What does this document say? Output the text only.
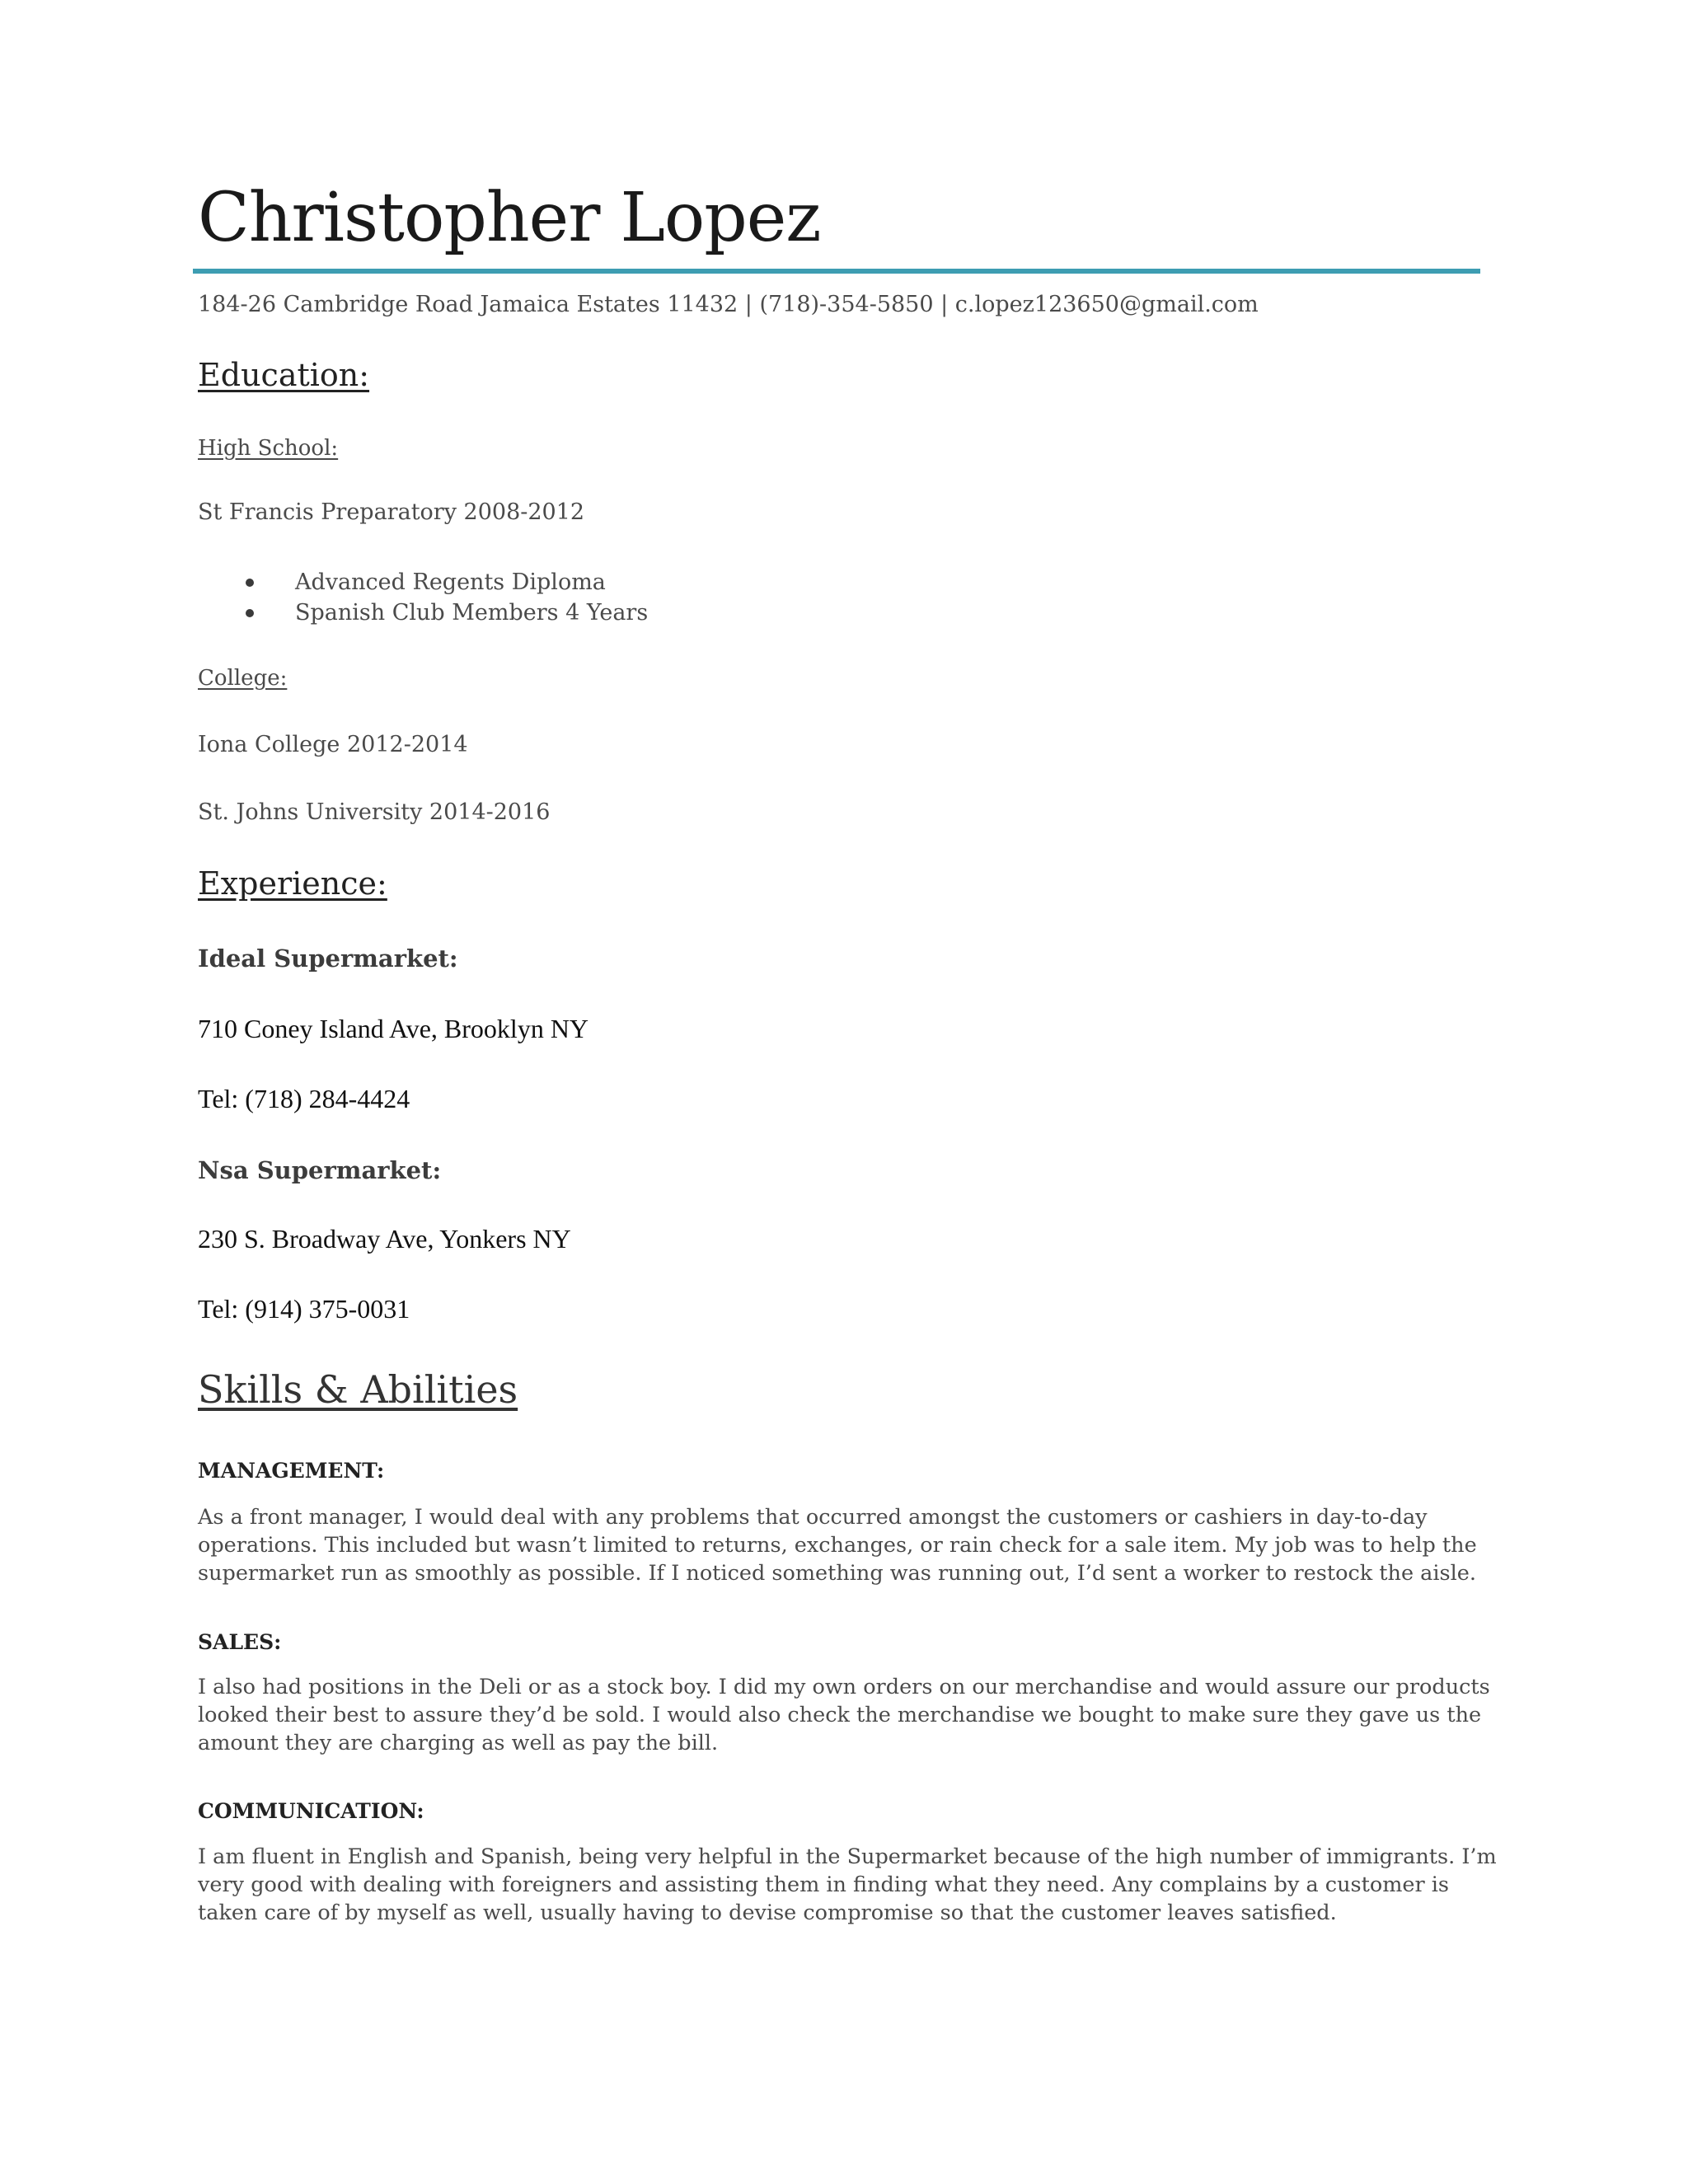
Christopher Lopez
184-26 Cambridge Road Jamaica Estates 11432 | (718)-354-5850 | c.lopez123650@gmail.com
Education:
High School:
St Francis Preparatory 2008-2012
Advanced Regents Diploma
Spanish Club Members 4 Years
College:
Iona College 2012-2014
St. Johns University 2014-2016
Experience:
Ideal Supermarket:
710 Coney Island Ave, Brooklyn NY
Tel: (718) 284-4424
Nsa Supermarket:
230 S. Broadway Ave, Yonkers NY
Tel: (914) 375-0031
Skills & Abilities
MANAGEMENT:
As a front manager, I would deal with any problems that occurred amongst the customers or cashiers in day-to-day
operations. This included but wasn’t limited to returns, exchanges, or rain check for a sale item. My job was to help the
supermarket run as smoothly as possible. If I noticed something was running out, I’d sent a worker to restock the aisle.
SALES:
I also had positions in the Deli or as a stock boy. I did my own orders on our merchandise and would assure our products
looked their best to assure they’d be sold. I would also check the merchandise we bought to make sure they gave us the
amount they are charging as well as pay the bill.
COMMUNICATION:
I am fluent in English and Spanish, being very helpful in the Supermarket because of the high number of immigrants. I’m
very good with dealing with foreigners and assisting them in finding what they need. Any complains by a customer is
taken care of by myself as well, usually having to devise compromise so that the customer leaves satisfied.
